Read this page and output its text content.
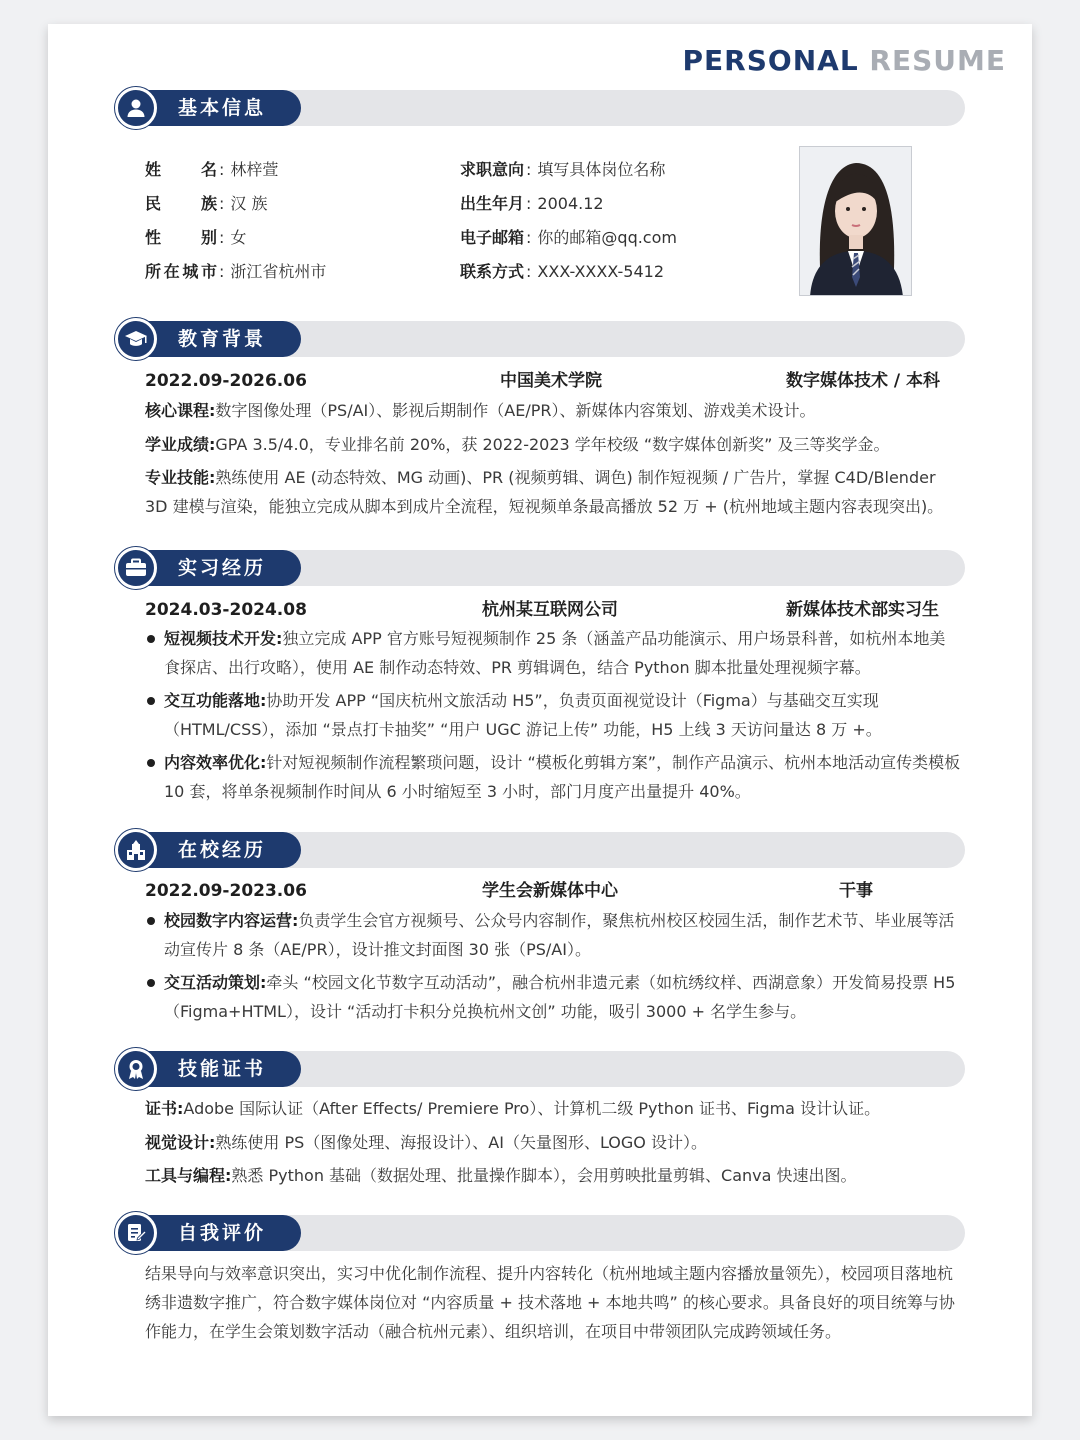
PERSONAL RESUME
基本信息
姓名 : 林梓萱
民族 : 汉 族
性别 : 女
所在城市 : 浙江省杭州市
求职意向 : 填写具体岗位名称
出生年月 : 2004.12
电子邮箱 : 你的邮箱@qq.com
联系方式 : XXX-XXXX-5412
教育背景
2022.09-2026.06	中国美术学院	数字媒体技术 / 本科
核心课程:数字图像处理（PS/AI）、影视后期制作（AE/PR）、新媒体内容策划、游戏美术设计。
学业成绩:GPA 3.5/4.0，专业排名前 20%，获 2022-2023 学年校级 “数字媒体创新奖” 及三等奖学金。
专业技能:熟练使用 AE (动态特效、MG 动画)、PR (视频剪辑、调色) 制作短视频 / 广告片，掌握 C4D/Blender 3D 建模与渲染，能独立完成从脚本到成片全流程，短视频单条最高播放 52 万 + (杭州地域主题内容表现突出)。
实习经历
2024.03-2024.08	杭州某互联网公司	新媒体技术部实习生
短视频技术开发:独立完成 APP 官方账号短视频制作 25 条（涵盖产品功能演示、用户场景科普，如杭州本地美食探店、出行攻略），使用 AE 制作动态特效、PR 剪辑调色，结合 Python 脚本批量处理视频字幕。
交互功能落地:协助开发 APP “国庆杭州文旅活动 H5”，负责页面视觉设计（Figma）与基础交互实现（HTML/CSS），添加 “景点打卡抽奖” “用户 UGC 游记上传” 功能，H5 上线 3 天访问量达 8 万 +。
内容效率优化:针对短视频制作流程繁琐问题，设计 “模板化剪辑方案”，制作产品演示、杭州本地活动宣传类模板 10 套，将单条视频制作时间从 6 小时缩短至 3 小时，部门月度产出量提升 40%。
在校经历
2022.09-2023.06	学生会新媒体中心	干事
校园数字内容运营:负责学生会官方视频号、公众号内容制作，聚焦杭州校区校园生活，制作艺术节、毕业展等活动宣传片 8 条（AE/PR），设计推文封面图 30 张（PS/AI）。
交互活动策划:牵头 “校园文化节数字互动活动”，融合杭州非遗元素（如杭绣纹样、西湖意象）开发简易投票 H5（Figma+HTML），设计 “活动打卡积分兑换杭州文创” 功能，吸引 3000 + 名学生参与。
技能证书
证书:Adobe 国际认证（After Effects/ Premiere Pro）、计算机二级 Python 证书、Figma 设计认证。
视觉设计:熟练使用 PS（图像处理、海报设计）、AI（矢量图形、LOGO 设计）。
工具与编程:熟悉 Python 基础（数据处理、批量操作脚本），会用剪映批量剪辑、Canva 快速出图。
自我评价
结果导向与效率意识突出，实习中优化制作流程、提升内容转化（杭州地域主题内容播放量领先），校园项目落地杭绣非遗数字推广，符合数字媒体岗位对 “内容质量 + 技术落地 + 本地共鸣” 的核心要求。具备良好的项目统筹与协作能力，在学生会策划数字活动（融合杭州元素）、组织培训，在项目中带领团队完成跨领域任务。
